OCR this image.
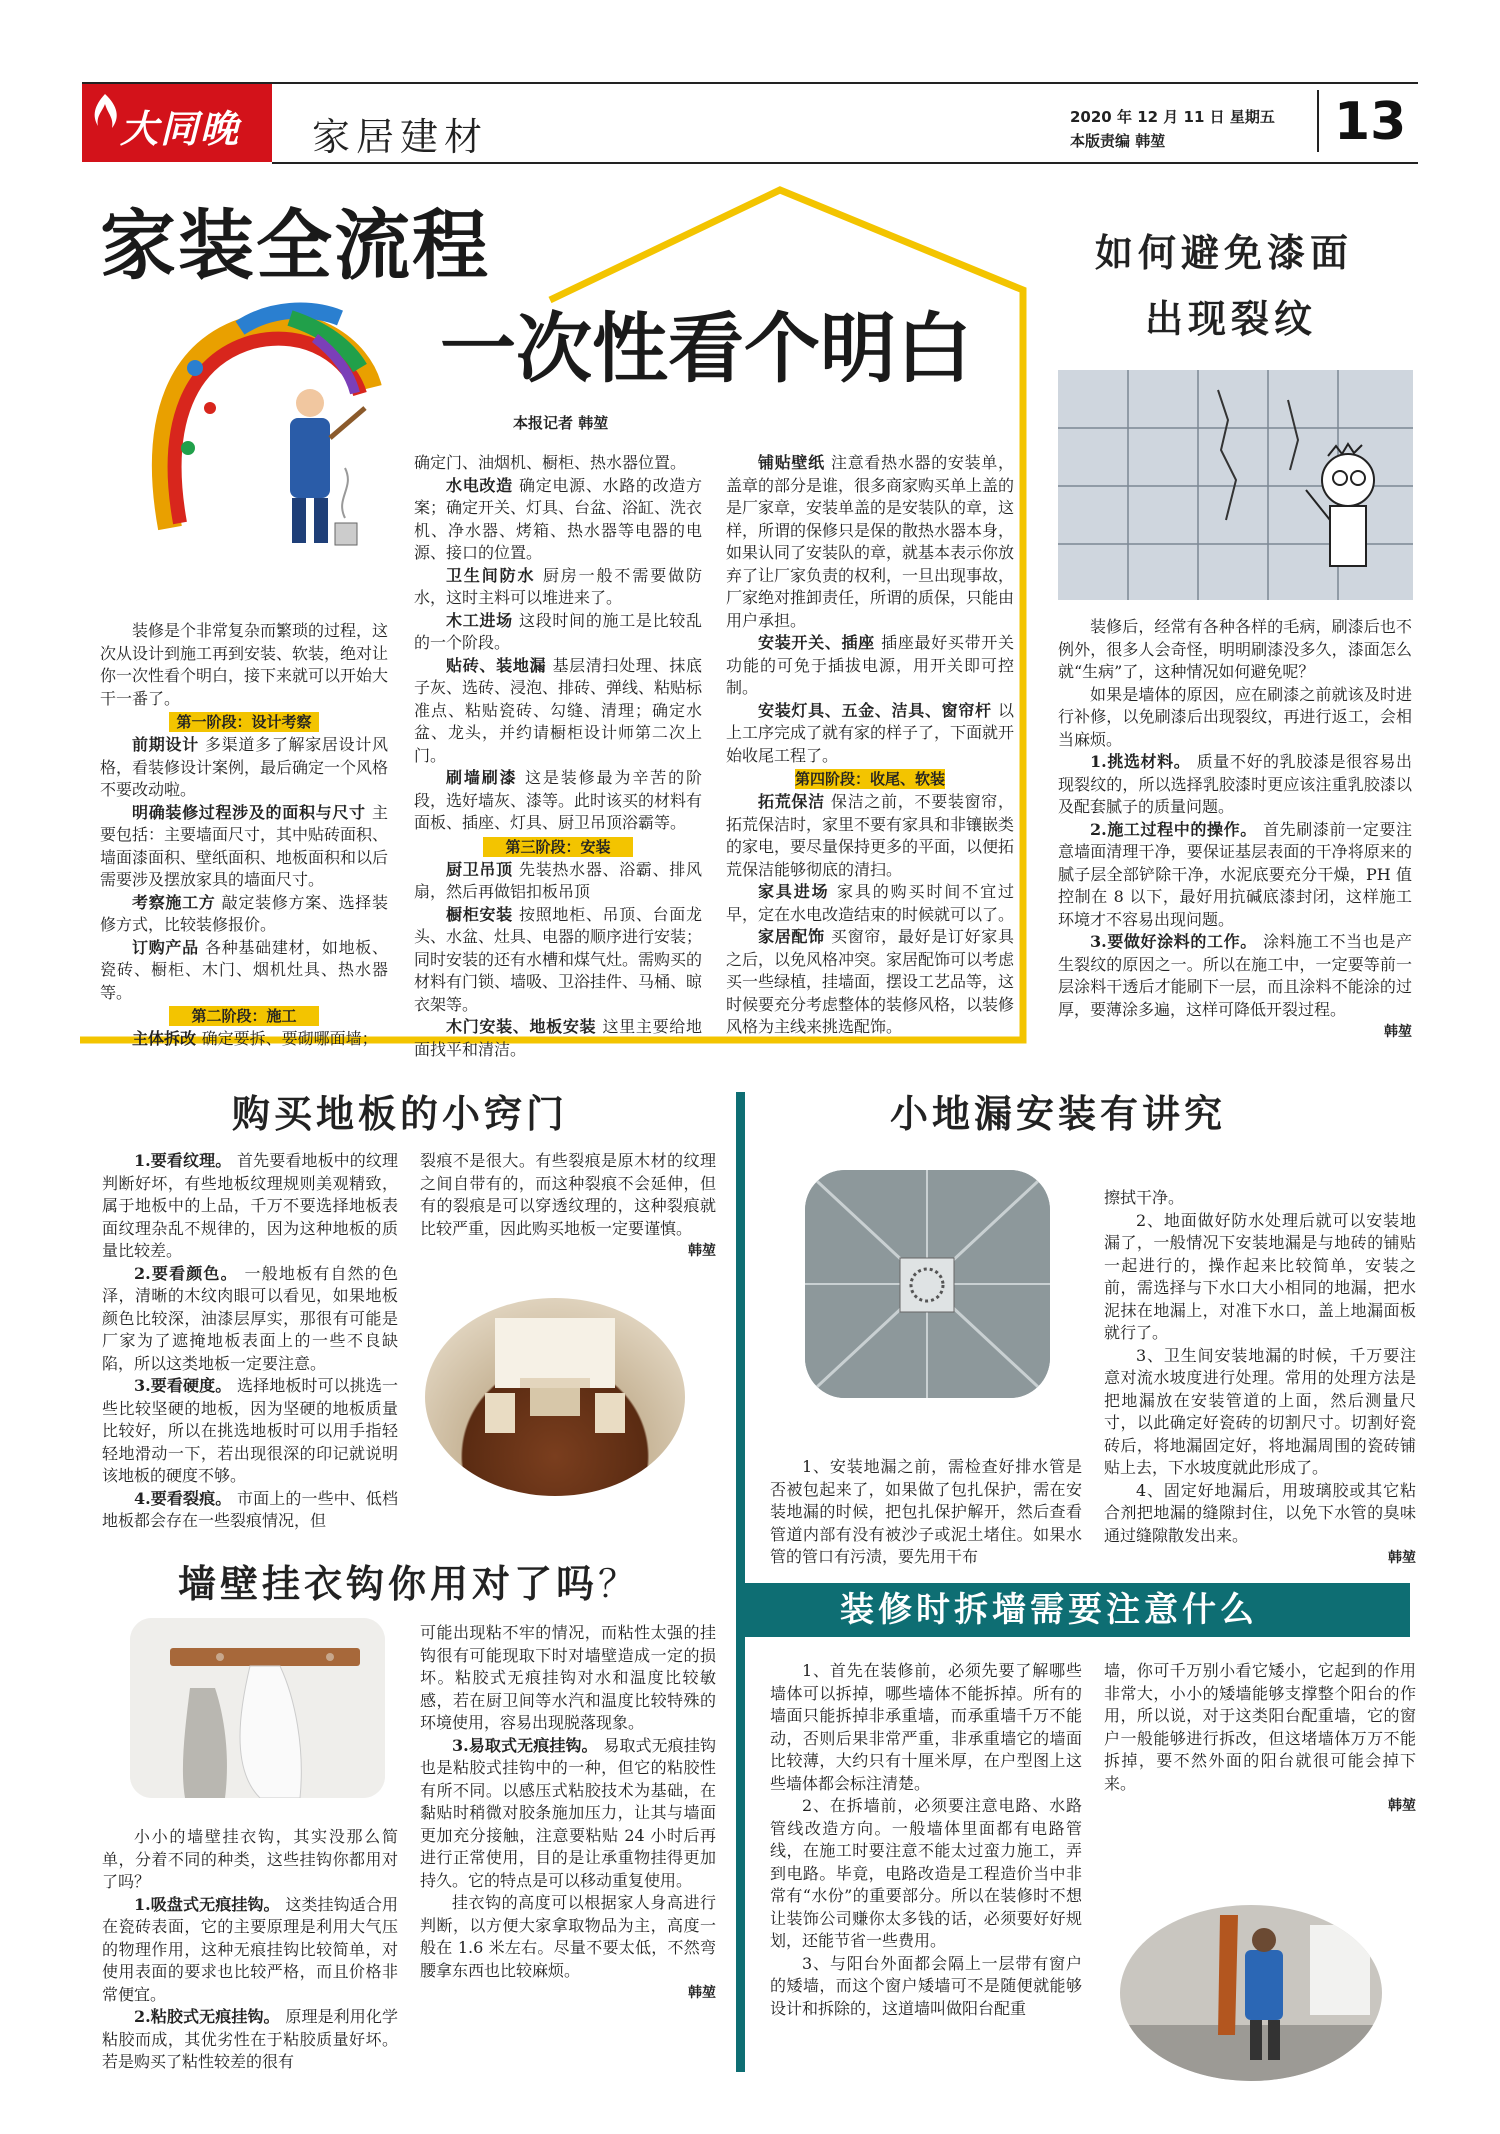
大同晚报
家居建材	2020 年 12 月 11 日 星期五
本版责编 韩堃	13
家装全流程
一次性看个明白
本报记者 韩堃

装修是个非常复杂而繁琐的过程，这次从设计到施工再到安装、软装，绝对让你一次性看个明白，接下来就可以开始大干一番了。

第一阶段：设计考察

前期设计 多渠道多了解家居设计风格，看装修设计案例，最后确定一个风格不要改动啦。

明确装修过程涉及的面积与尺寸 主要包括：主要墙面尺寸，其中贴砖面积、墙面漆面积、壁纸面积、地板面积和以后需要涉及摆放家具的墙面尺寸。

考察施工方 敲定装修方案、选择装修方式，比较装修报价。

订购产品 各种基础建材，如地板、瓷砖、橱柜、木门、烟机灶具、热水器等。

第二阶段：施工

主体拆改 确定要拆、要砌哪面墙；

确定门、油烟机、橱柜、热水器位置。

水电改造 确定电源、水路的改造方案；确定开关、灯具、台盆、浴缸、洗衣机、净水器、烤箱、热水器等电器的电源、接口的位置。

卫生间防水 厨房一般不需要做防水，这时主料可以堆进来了。

木工进场 这段时间的施工是比较乱的一个阶段。

贴砖、装地漏 基层清扫处理、抹底子灰、选砖、浸泡、排砖、弹线、粘贴标准点、粘贴瓷砖、勾缝、清理；确定水盆、龙头，并约请橱柜设计师第二次上门。

刷墙刷漆 这是装修最为辛苦的阶段，选好墙灰、漆等。此时该买的材料有面板、插座、灯具、厨卫吊顶浴霸等。

第三阶段：安装

厨卫吊顶 先装热水器、浴霸、排风扇，然后再做铝扣板吊顶

橱柜安装 按照地柜、吊顶、台面龙头、水盆、灶具、电器的顺序进行安装；同时安装的还有水槽和煤气灶。需购买的材料有门锁、墙吸、卫浴挂件、马桶、晾衣架等。

木门安装、地板安装 这里主要给地面找平和清洁。

铺贴壁纸 注意看热水器的安装单，盖章的部分是谁，很多商家购买单上盖的是厂家章，安装单盖的是安装队的章，这样，所谓的保修只是保的散热水器本身，如果认同了安装队的章，就基本表示你放弃了让厂家负责的权利，一旦出现事故，厂家绝对推卸责任，所谓的质保，只能由用户承担。

安装开关、插座 插座最好买带开关功能的可免于插拔电源，用开关即可控制。

安装灯具、五金、洁具、窗帘杆 以上工序完成了就有家的样子了，下面就开始收尾工程了。

第四阶段：收尾、软装

拓荒保洁 保洁之前，不要装窗帘，拓荒保洁时，家里不要有家具和非镶嵌类的家电，要尽量保持更多的平面，以便拓荒保洁能够彻底的清扫。

家具进场 家具的购买时间不宜过早，定在水电改造结束的时候就可以了。

家居配饰 买窗帘，最好是订好家具之后，以免风格冲突。家居配饰可以考虑买一些绿植，挂墙面，摆设工艺品等，这时候要充分考虑整体的装修风格，以装修风格为主线来挑选配饰。

如何避免漆面
出现裂纹

装修后，经常有各种各样的毛病，刷漆后也不例外，很多人会奇怪，明明刷漆没多久，漆面怎么就“生病”了，这种情况如何避免呢？

如果是墙体的原因，应在刷漆之前就该及时进行补修，以免刷漆后出现裂纹，再进行返工，会相当麻烦。

1.挑选材料。 质量不好的乳胶漆是很容易出现裂纹的，所以选择乳胶漆时更应该注重乳胶漆以及配套腻子的质量问题。

2.施工过程中的操作。 首先刷漆前一定要注意墙面清理干净，要保证基层表面的干净将原来的腻子层全部铲除干净，水泥底要充分干燥，PH 值控制在 8 以下，最好用抗碱底漆封闭，这样施工环境才不容易出现问题。

3.要做好涂料的工作。 涂料施工不当也是产生裂纹的原因之一。所以在施工中，一定要等前一层涂料干透后才能刷下一层，而且涂料不能涂的过厚，要薄涂多遍，这样可降低开裂过程。

韩堃
购买地板的小窍门

1.要看纹理。 首先要看地板中的纹理判断好坏，有些地板纹理规则美观精致，属于地板中的上品，千万不要选择地板表面纹理杂乱不规律的，因为这种地板的质量比较差。

2.要看颜色。 一般地板有自然的色泽，清晰的木纹肉眼可以看见，如果地板颜色比较深，油漆层厚实，那很有可能是厂家为了遮掩地板表面上的一些不良缺陷，所以这类地板一定要注意。

3.要看硬度。 选择地板时可以挑选一些比较坚硬的地板，因为坚硬的地板质量比较好，所以在挑选地板时可以用手指轻轻地滑动一下，若出现很深的印记就说明该地板的硬度不够。

4.要看裂痕。 市面上的一些中、低档地板都会存在一些裂痕情况，但

裂痕不是很大。有些裂痕是原木材的纹理之间自带有的，而这种裂痕不会延伸，但有的裂痕是可以穿透纹理的，这种裂痕就比较严重，因此购买地板一定要谨慎。

韩堃
小地漏安装有讲究

1、安装地漏之前，需检查好排水管是否被包起来了，如果做了包扎保护，需在安装地漏的时候，把包扎保护解开，然后查看管道内部有没有被沙子或泥土堵住。如果水管的管口有污渍，要先用干布

擦拭干净。

2、地面做好防水处理后就可以安装地漏了，一般情况下安装地漏是与地砖的铺贴一起进行的，操作起来比较简单，安装之前，需选择与下水口大小相同的地漏，把水泥抹在地漏上，对准下水口，盖上地漏面板就行了。

3、卫生间安装地漏的时候，千万要注意对流水坡度进行处理。常用的处理方法是把地漏放在安装管道的上面，然后测量尺寸，以此确定好瓷砖的切割尺寸。切割好瓷砖后，将地漏固定好，将地漏周围的瓷砖铺贴上去，下水坡度就此形成了。

4、固定好地漏后，用玻璃胶或其它粘合剂把地漏的缝隙封住，以免下水管的臭味通过缝隙散发出来。

韩堃
墙壁挂衣钩你用对了吗？

小小的墙壁挂衣钩，其实没那么简单，分着不同的种类，这些挂钩你都用对了吗？

1.吸盘式无痕挂钩。 这类挂钩适合用在瓷砖表面，它的主要原理是利用大气压的物理作用，这种无痕挂钩比较简单，对使用表面的要求也比较严格，而且价格非常便宜。

2.粘胶式无痕挂钩。 原理是利用化学粘胶而成，其优劣性在于粘胶质量好坏。若是购买了粘性较差的很有

可能出现粘不牢的情况，而粘性太强的挂钩很有可能现取下时对墙壁造成一定的损坏。粘胶式无痕挂钩对水和温度比较敏感，若在厨卫间等水汽和温度比较特殊的环境使用，容易出现脱落现象。

3.易取式无痕挂钩。 易取式无痕挂钩也是粘胶式挂钩中的一种，但它的粘胶性有所不同。以感压式粘胶技术为基础，在黏贴时稍微对胶条施加压力，让其与墙面更加充分接触，注意要粘贴 24 小时后再进行正常使用，目的是让承重物挂得更加持久。它的特点是可以移动重复使用。

挂衣钩的高度可以根据家人身高进行判断，以方便大家拿取物品为主，高度一般在 1.6 米左右。尽量不要太低，不然弯腰拿东西也比较麻烦。

韩堃
装修时拆墙需要注意什么

1、首先在装修前，必须先要了解哪些墙体可以拆掉，哪些墙体不能拆掉。所有的墙面只能拆掉非承重墙，而承重墙千万不能动，否则后果非常严重，非承重墙它的墙面比较薄，大约只有十厘米厚，在户型图上这些墙体都会标注清楚。

2、在拆墙前，必须要注意电路、水路管线改造方向。一般墙体里面都有电路管线，在施工时要注意不能太过蛮力施工，弄到电路。毕竟，电路改造是工程造价当中非常有“水份”的重要部分。所以在装修时不想让装饰公司赚你太多钱的话，必须要好好规划，还能节省一些费用。

3、与阳台外面都会隔上一层带有窗户的矮墙，而这个窗户矮墙可不是随便就能够设计和拆除的，这道墙叫做阳台配重

墙，你可千万别小看它矮小，它起到的作用非常大，小小的矮墙能够支撑整个阳台的作用，所以说，对于这类阳台配重墙，它的窗户一般能够进行拆改，但这堵墙体万万不能拆掉，要不然外面的阳台就很可能会掉下来。

韩堃
